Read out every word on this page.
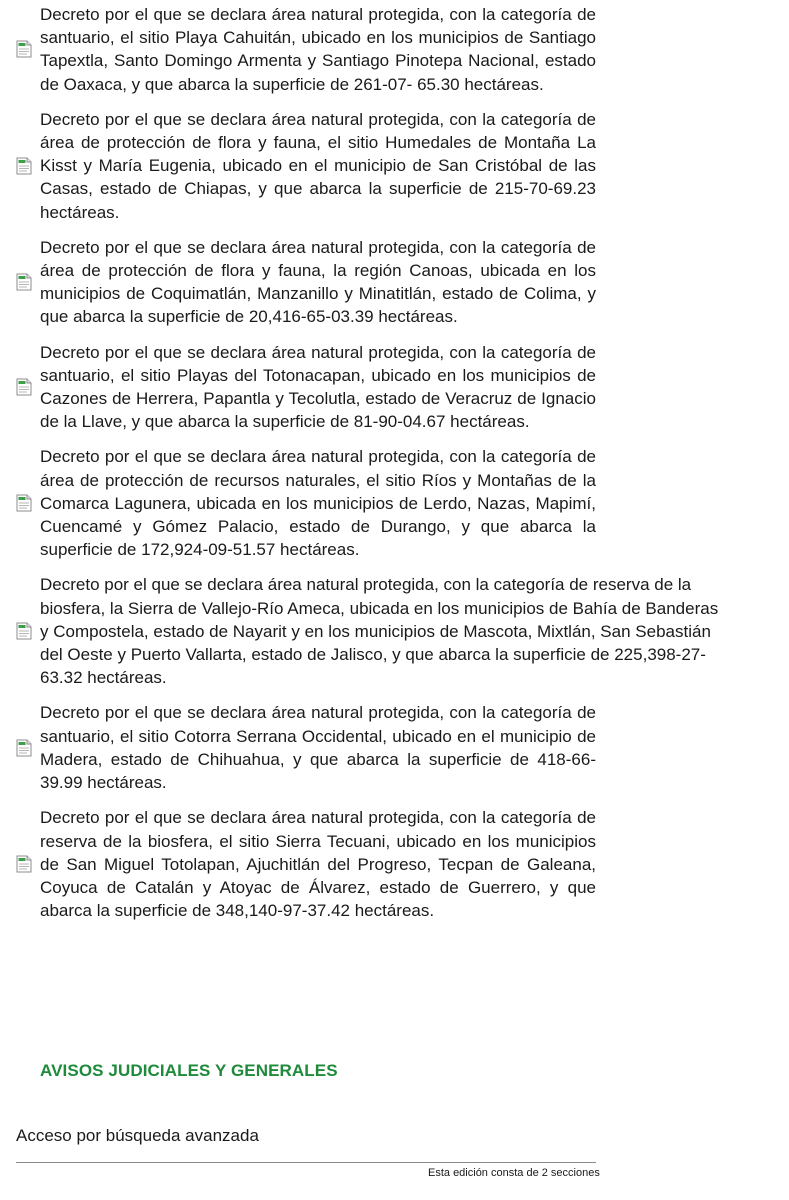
Decreto por el que se declara área natural protegida, con la categoría de santuario, el sitio Playa Cahuitán, ubicado en los municipios de Santiago Tapextla, Santo Domingo Armenta y Santiago Pinotepa Nacional, estado de Oaxaca, y que abarca la superficie de 261-07- 65.30 hectáreas.
Decreto por el que se declara área natural protegida, con la categoría de área de protección de flora y fauna, el sitio Humedales de Montaña La Kisst y María Eugenia, ubicado en el municipio de San Cristóbal de las Casas, estado de Chiapas, y que abarca la superficie de 215-70-69.23 hectáreas.
Decreto por el que se declara área natural protegida, con la categoría de área de protección de flora y fauna, la región Canoas, ubicada en los municipios de Coquimatlán, Manzanillo y Minatitlán, estado de Colima, y que abarca la superficie de 20,416-65-03.39 hectáreas.
Decreto por el que se declara área natural protegida, con la categoría de santuario, el sitio Playas del Totonacapan, ubicado en los municipios de Cazones de Herrera, Papantla y Tecolutla, estado de Veracruz de Ignacio de la Llave, y que abarca la superficie de 81-90-04.67 hectáreas.
Decreto por el que se declara área natural protegida, con la categoría de área de protección de recursos naturales, el sitio Ríos y Montañas de la Comarca Lagunera, ubicada en los municipios de Lerdo, Nazas, Mapimí, Cuencamé y Gómez Palacio, estado de Durango, y que abarca la superficie de 172,924-09-51.57 hectáreas.
Decreto por el que se declara área natural protegida, con la categoría de reserva de la
biosfera, la Sierra de Vallejo-Río Ameca, ubicada en los municipios de Bahía de Banderas
y Compostela, estado de Nayarit y en los municipios de Mascota, Mixtlán, San Sebastián
del Oeste y Puerto Vallarta, estado de Jalisco, y que abarca la superficie de 225,398-27-
63.32 hectáreas.
Decreto por el que se declara área natural protegida, con la categoría de santuario, el sitio Cotorra Serrana Occidental, ubicado en el municipio de Madera, estado de Chihuahua, y que abarca la superficie de 418-66-39.99 hectáreas.
Decreto por el que se declara área natural protegida, con la categoría de reserva de la biosfera, el sitio Sierra Tecuani, ubicado en los municipios de San Miguel Totolapan, Ajuchitlán del Progreso, Tecpan de Galeana, Coyuca de Catalán y Atoyac de Álvarez, estado de Guerrero, y que abarca la superficie de 348,140-97-37.42 hectáreas.
AVISOS JUDICIALES Y GENERALES
Acceso por búsqueda avanzada
Esta edición consta de 2 secciones
